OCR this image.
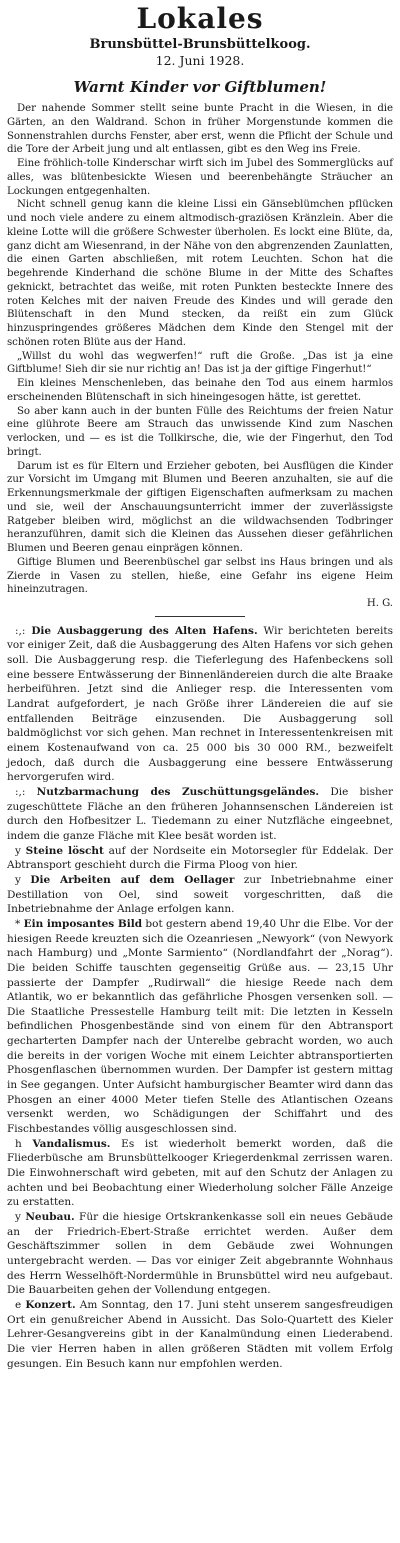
Lokales
Brunsbüttel-Brunsbüttelkoog.
12. Juni 1928.
Warnt Kinder vor Giftblumen!

Der nahende Sommer stellt seine bunte Pracht in die Wiesen, in die Gärten, an den Waldrand. Schon in früher Morgenstunde kommen die Sonnenstrahlen durchs Fenster, aber erst, wenn die Pflicht der Schule und die Tore der Arbeit jung und alt entlassen, gibt es den Weg ins Freie.

Eine fröhlich-tolle Kinderschar wirft sich im Jubel des Sommerglücks auf alles, was blütenbesickte Wiesen und beerenbehängte Sträucher an Lockungen entgegenhalten.

Nicht schnell genug kann die kleine Lissi ein Gänseblümchen pflücken und noch viele andere zu einem altmodisch-graziösen Kränzlein. Aber die kleine Lotte will die größere Schwester überholen. Es lockt eine Blüte, da, ganz dicht am Wiesenrand, in der Nähe von den abgrenzenden Zaunlatten, die einen Garten abschließen, mit rotem Leuchten. Schon hat die begehrende Kinderhand die schöne Blume in der Mitte des Schaftes geknickt, betrachtet das weiße, mit roten Punkten besteckte Innere des roten Kelches mit der naiven Freude des Kindes und will gerade den Blütenschaft in den Mund stecken, da reißt ein zum Glück hinzuspringendes größeres Mädchen dem Kinde den Stengel mit der schönen roten Blüte aus der Hand.

„Willst du wohl das wegwerfen!“ ruft die Große. „Das ist ja eine Giftblume! Sieh dir sie nur richtig an! Das ist ja der giftige Fingerhut!“

Ein kleines Menschenleben, das beinahe den Tod aus einem harmlos erscheinenden Blütenschaft in sich hineingesogen hätte, ist gerettet.

So aber kann auch in der bunten Fülle des Reichtums der freien Natur eine glührote Beere am Strauch das unwissende Kind zum Naschen verlocken, und — es ist die Tollkirsche, die, wie der Fingerhut, den Tod bringt.

Darum ist es für Eltern und Erzieher geboten, bei Ausflügen die Kinder zur Vorsicht im Umgang mit Blumen und Beeren anzuhalten, sie auf die Erkennungsmerkmale der giftigen Eigenschaften aufmerksam zu machen und sie, weil der Anschauungsunterricht immer der zuverlässigste Ratgeber bleiben wird, möglichst an die wildwachsenden Todbringer heranzuführen, damit sich die Kleinen das Aussehen dieser gefährlichen Blumen und Beeren genau einprägen können.

Giftige Blumen und Beerenbüschel gar selbst ins Haus bringen und als Zierde in Vasen zu stellen, hieße, eine Gefahr ins eigene Heim hineinzutragen.

H. G.

:,: Die Ausbaggerung des Alten Hafens. Wir berichteten bereits vor einiger Zeit, daß die Ausbaggerung des Alten Hafens vor sich gehen soll. Die Ausbaggerung resp. die Tieferlegung des Hafenbeckens soll eine bessere Entwässerung der Binnenländereien durch die alte Braake herbeiführen. Jetzt sind die Anlieger resp. die Interessenten vom Landrat aufgefordert, je nach Größe ihrer Ländereien die auf sie entfallenden Beiträge einzusenden. Die Ausbaggerung soll baldmöglichst vor sich gehen. Man rechnet in Interessentenkreisen mit einem Kostenaufwand von ca. 25 000 bis 30 000 RM., bezweifelt jedoch, daß durch die Ausbaggerung eine bessere Entwässerung hervorgerufen wird.

:,: Nutzbarmachung des Zuschüttungsgeländes. Die bisher zugeschüttete Fläche an den früheren Johannsenschen Ländereien ist durch den Hofbesitzer L. Tiedemann zu einer Nutzfläche eingeebnet, indem die ganze Fläche mit Klee besät worden ist.

y Steine löscht auf der Nordseite ein Motorsegler für Eddelak. Der Abtransport geschieht durch die Firma Ploog von hier.

y Die Arbeiten auf dem Oellager zur Inbetriebnahme einer Destillation von Oel, sind soweit vorgeschritten, daß die Inbetriebnahme der Anlage erfolgen kann.

* Ein imposantes Bild bot gestern abend 19,40 Uhr die Elbe. Vor der hiesigen Reede kreuzten sich die Ozeanriesen „Newyork“ (von Newyork nach Hamburg) und „Monte Sarmiento“ (Nordlandfahrt der „Norag“). Die beiden Schiffe tauschten gegenseitig Grüße aus. — 23,15 Uhr passierte der Dampfer „Rudirwall“ die hiesige Reede nach dem Atlantik, wo er bekanntlich das gefährliche Phosgen versenken soll. — Die Staatliche Pressestelle Hamburg teilt mit: Die letzten in Kesseln befindlichen Phosgenbestände sind von einem für den Abtransport gecharterten Dampfer nach der Unterelbe gebracht worden, wo auch die bereits in der vorigen Woche mit einem Leichter abtransportierten Phosgenflaschen übernommen wurden. Der Dampfer ist gestern mittag in See gegangen. Unter Aufsicht hamburgischer Beamter wird dann das Phosgen an einer 4000 Meter tiefen Stelle des Atlantischen Ozeans versenkt werden, wo Schädigungen der Schiffahrt und des Fischbestandes völlig ausgeschlossen sind.

h Vandalismus. Es ist wiederholt bemerkt worden, daß die Fliederbüsche am Brunsbüttelkooger Kriegerdenkmal zerrissen waren. Die Einwohnerschaft wird gebeten, mit auf den Schutz der Anlagen zu achten und bei Beobachtung einer Wiederholung solcher Fälle Anzeige zu erstatten.

y Neubau. Für die hiesige Ortskrankenkasse soll ein neues Gebäude an der Friedrich-Ebert-Straße errichtet werden. Außer dem Geschäftszimmer sollen in dem Gebäude zwei Wohnungen untergebracht werden. — Das vor einiger Zeit abgebrannte Wohnhaus des Herrn Wesselhöft-Nordermühle in Brunsbüttel wird neu aufgebaut. Die Bauarbeiten gehen der Vollendung entgegen.

e Konzert. Am Sonntag, den 17. Juni steht unserem sangesfreudigen Ort ein genußreicher Abend in Aussicht. Das Solo-Quartett des Kieler Lehrer-Gesangvereins gibt in der Kanalmündung einen Liederabend. Die vier Herren haben in allen größeren Städten mit vollem Erfolg gesungen. Ein Besuch kann nur empfohlen werden.
